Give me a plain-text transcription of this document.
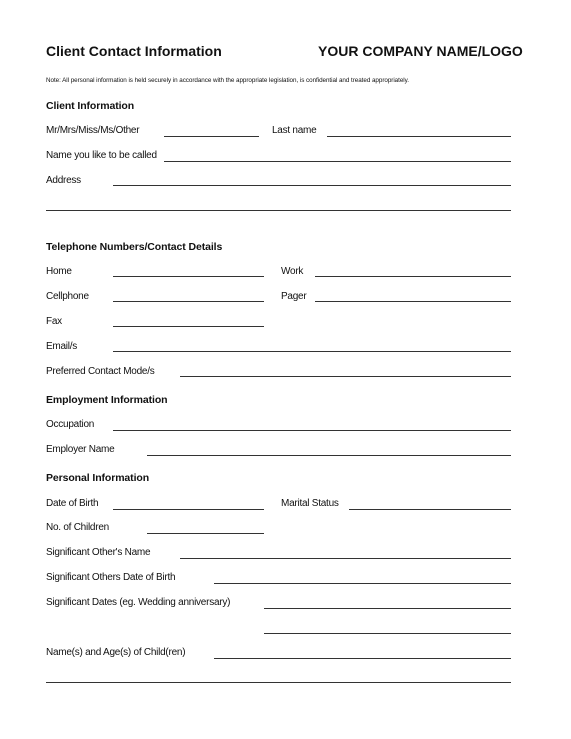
Client Contact Information	YOUR COMPANY NAME/LOGO
Note: All personal information is held securely in accordance with the appropriate legislation, is confidential and treated appropriately.
Client Information
Mr/Mrs/Miss/Ms/Other	Last name
Name you like to be called
Address
Telephone Numbers/Contact Details
Home	Work
Cellphone	Pager
Fax
Email/s
Preferred Contact Mode/s
Employment Information
Occupation
Employer Name
Personal Information
Date of Birth	Marital Status
No. of Children
Significant Other's Name
Significant Others Date of Birth
Significant Dates (eg. Wedding anniversary)
Name(s) and Age(s) of Child(ren)
